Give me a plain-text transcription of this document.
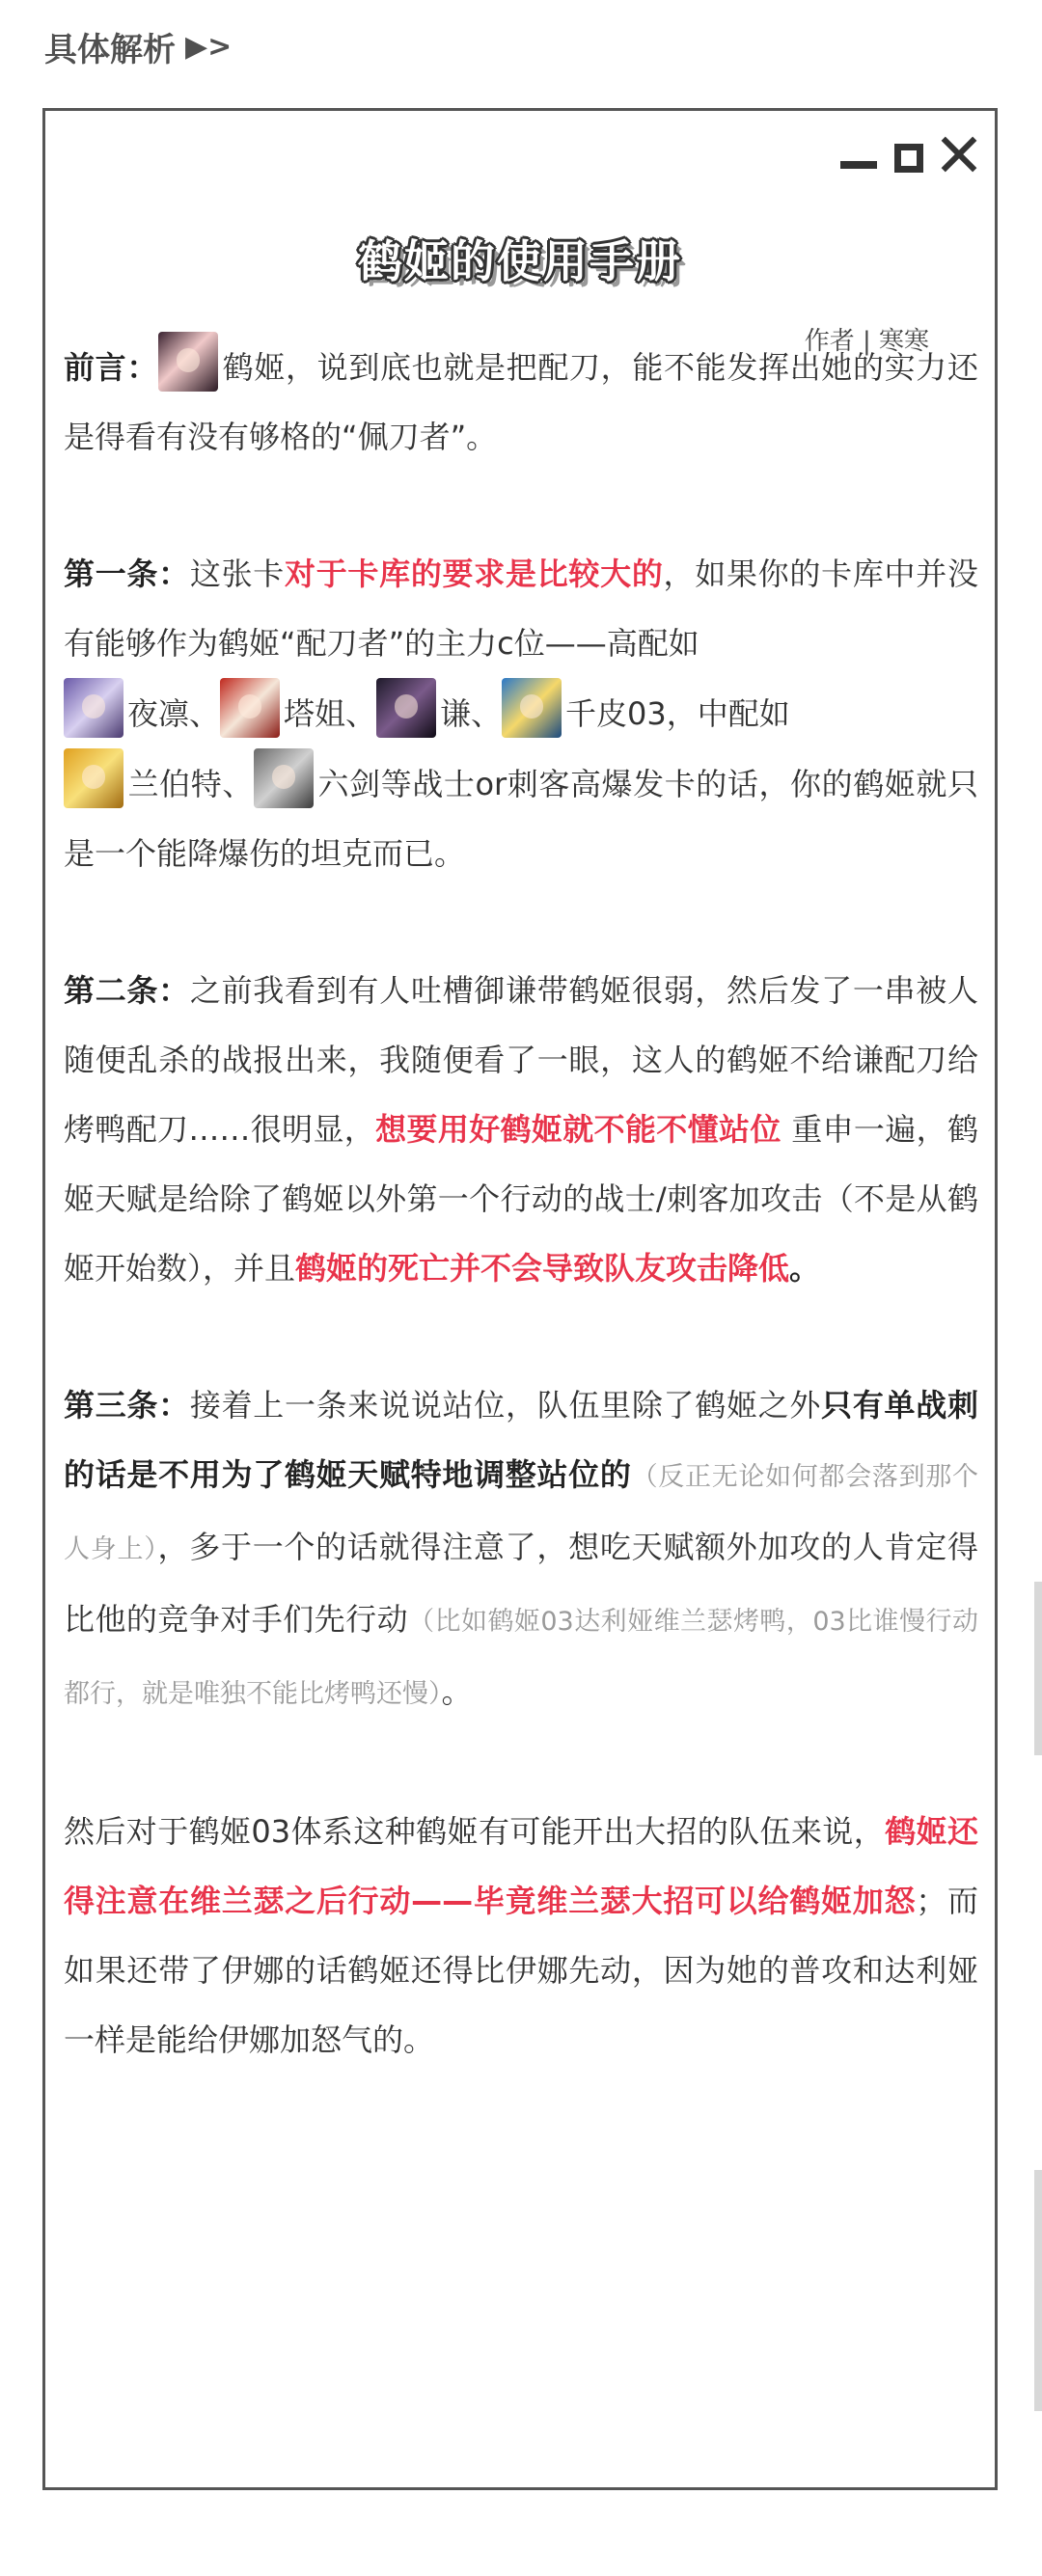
具体解析 ▶>
鹤姬的使用手册
作者 | 寒寒

前言： 鹤姬，说到底也就是把配刀，能不能发挥出她的实力还是得看有没有够格的“佩刀者”。

第一条：这张卡对于卡库的要求是比较大的，如果你的卡库中并没有能够作为鹤姬“配刀者”的主力c位——高配如
夜凛、 塔姐、 谦、 千皮03，中配如
兰伯特、 六剑等战士or刺客高爆发卡的话，你的鹤姬就只是一个能降爆伤的坦克而已。

第二条：之前我看到有人吐槽御谦带鹤姬很弱，然后发了一串被人随便乱杀的战报出来，我随便看了一眼，这人的鹤姬不给谦配刀给烤鸭配刀……很明显，想要用好鹤姬就不能不懂站位 重申一遍，鹤姬天赋是给除了鹤姬以外第一个行动的战士/刺客加攻击（不是从鹤姬开始数），并且鹤姬的死亡并不会导致队友攻击降低。

第三条：接着上一条来说说站位，队伍里除了鹤姬之外只有单战刺的话是不用为了鹤姬天赋特地调整站位的（反正无论如何都会落到那个人身上），多于一个的话就得注意了，想吃天赋额外加攻的人肯定得比他的竞争对手们先行动（比如鹤姬03达利娅维兰瑟烤鸭，03比谁慢行动都行，就是唯独不能比烤鸭还慢）。

然后对于鹤姬03体系这种鹤姬有可能开出大招的队伍来说，鹤姬还得注意在维兰瑟之后行动——毕竟维兰瑟大招可以给鹤姬加怒；而如果还带了伊娜的话鹤姬还得比伊娜先动，因为她的普攻和达利娅一样是能给伊娜加怒气的。
